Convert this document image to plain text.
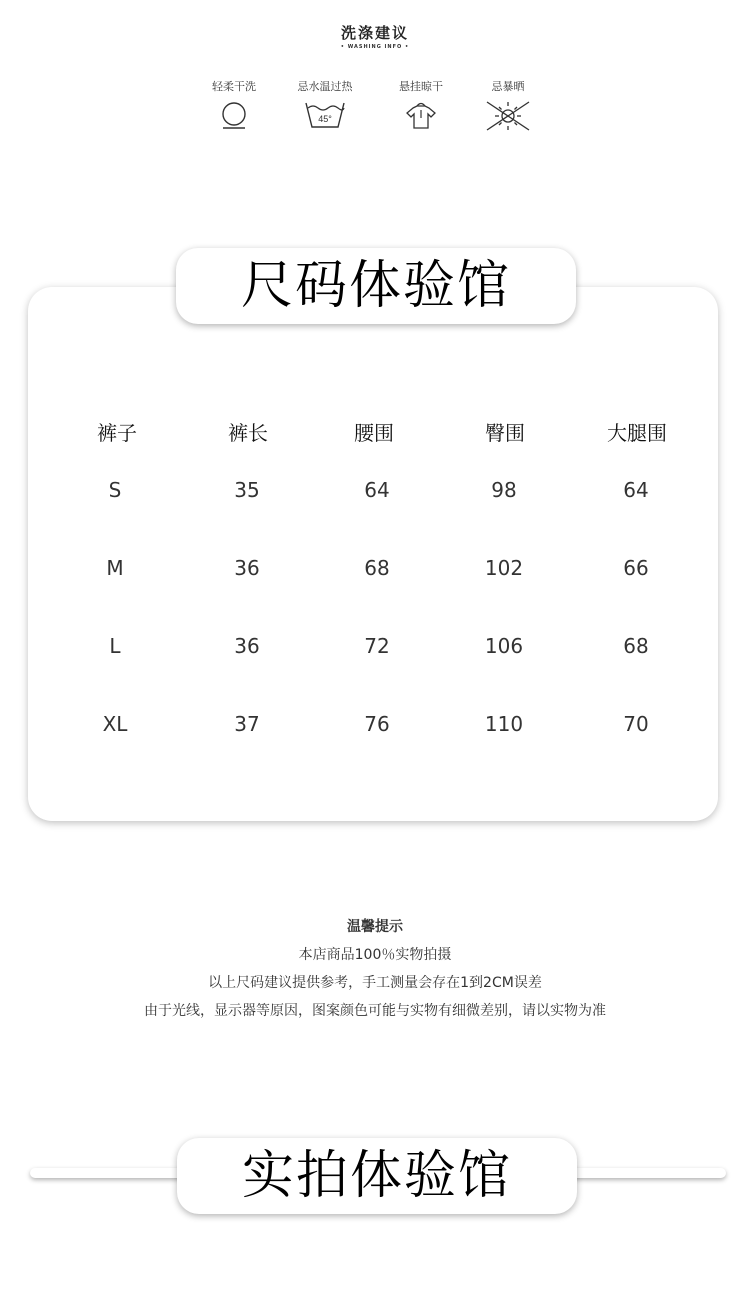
洗涤建议
• WASHING INFO •
轻柔干洗	忌水温过热
45°
悬挂晾干	忌暴晒
尺码体验馆
裤子	裤长	腰围	臀围	大腿围
S	35	64	98	64
M	36	68	102	66
L	36	72	106	68
XL	37	76	110	70
温馨提示
本店商品100％实物拍摄
以上尺码建议提供参考，手工测量会存在1到2CM误差
由于光线，显示器等原因，图案颜色可能与实物有细微差别，请以实物为准
实拍体验馆
